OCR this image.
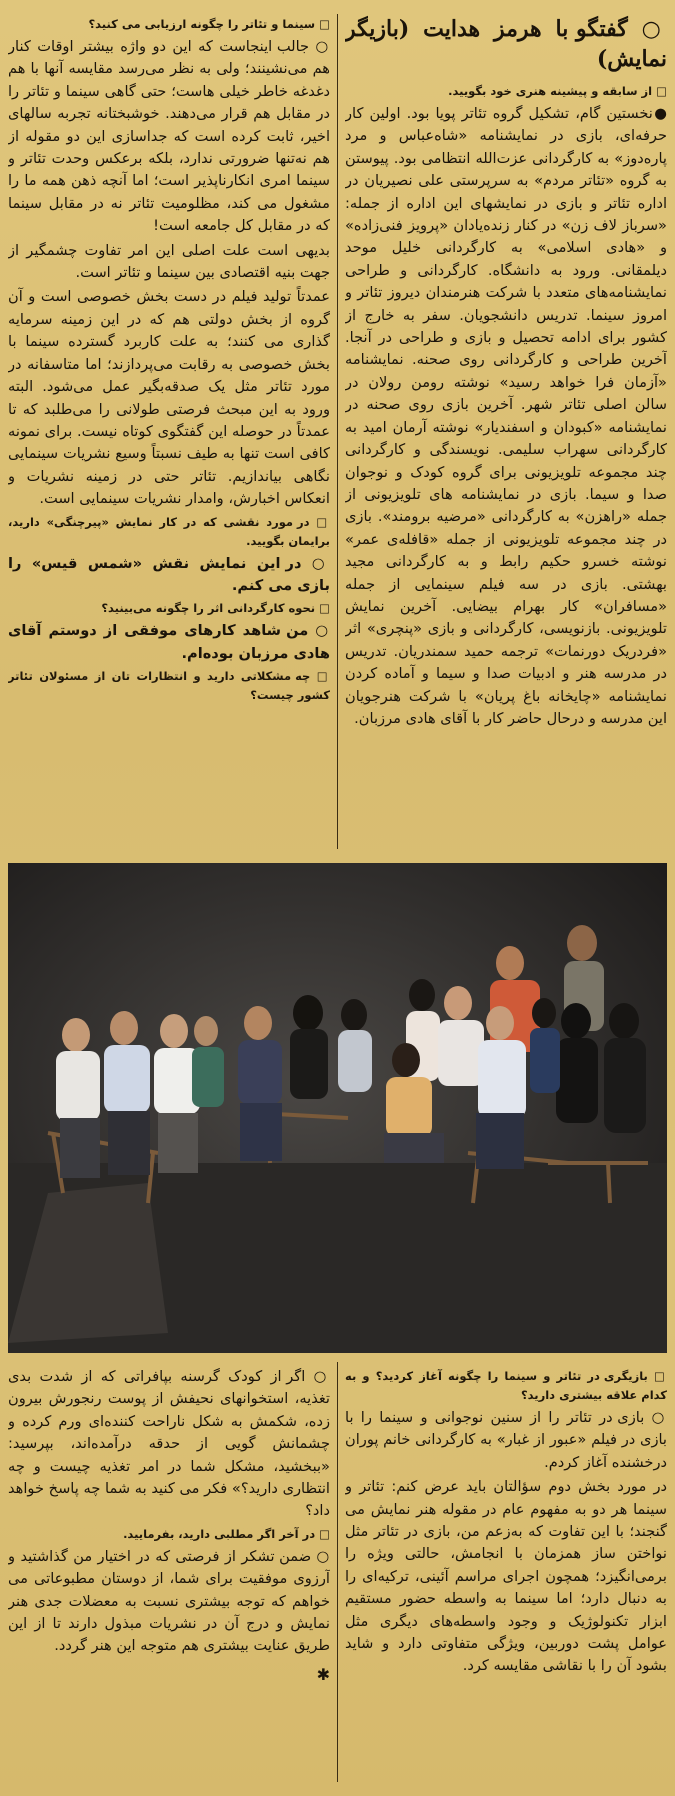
○ گفتگو با هرمز هدایت (بازیگر نمایش)
□ از سابقه و پیشینه هنری خود بگویید.

●نخستین گام، تشکیل گروه تئاتر پویا بود. اولین کار حرفه‌ای، بازی در نمایشنامه «شاه‌عباس و مرد پاره‌دوز» به کارگردانی عزت‌الله انتظامی بود. پیوستن به گروه «تئاتر مردم» به سرپرستی علی نصیریان در اداره تئاتر و بازی در نمایشهای این اداره از جمله: «سرباز لاف زن» در کنار زنده‌یادان «پرویز فنی‌زاده» و «هادی اسلامی» به کارگردانی خلیل موحد دیلمقانی. ورود به دانشگاه. کارگردانی و طراحی نمایشنامه‌های متعدد با شرکت هنرمندان دیروز تئاتر و امروز سینما. تدریس دانشجویان. سفر به خارج از کشور برای ادامه تحصیل و بازی و طراحی در آنجا. آخرین طراحی و کارگردانی روی صحنه. نمایشنامه «آزمان فرا خواهد رسید» نوشته رومن رولان در سالن اصلی تئاتر شهر. آخرین بازی روی صحنه در نمایشنامه «کبودان و اسفندیار» نوشته آرمان امید به کارگردانی سهراب سلیمی. نویسندگی و کارگردانی چند مجموعه تلویزیونی برای گروه کودک و نوجوان صدا و سیما. بازی در نمایشنامه های تلویزیونی از جمله «راهزن» به کارگردانی «مرضیه برومند». بازی در چند مجموعه تلویزیونی از جمله «قافله‌ی عمر» نوشته خسرو حکیم رابط و به کارگردانی مجید بهشتی. بازی در سه فیلم سینمایی از جمله «مسافران» کار بهرام بیضایی. آخرین نمایش تلویزیونی. بازنویسی، کارگردانی و بازی «پنچری» اثر «فردریک دورنمات» ترجمه حمید سمندریان. تدریس در مدرسه هنر و ادبیات صدا و سیما و آماده کردن نمایشنامه «چایخانه باغ پریان» با شرکت هنرجویان این مدرسه و درحال حاضر کار با آقای هادی مرزبان.

□ سینما و تئاتر را چگونه ارزیابی می کنید؟

○ جالب اینجاست که این دو واژه بیشتر اوقات کنار هم می‌نشینند؛ ولی به نظر می‌رسد مقایسه آنها با هم دغدغه خاطر خیلی هاست؛ حتی گاهی سینما و تئاتر را در مقابل هم قرار می‌دهند. خوشبختانه تجربه سالهای اخیر، ثابت کرده است که جداسازی این دو مقوله از هم نه‌تنها ضرورتی ندارد، بلکه برعکس وحدت تئاتر و سینما امری انکارناپذیر است؛ اما آنچه ذهن همه ما را مشغول می کند، مظلومیت تئاتر نه در مقابل سینما که در مقابل کل جامعه است!

بدیهی است علت اصلی این امر تفاوت چشمگیر از جهت بنیه اقتصادی بین سینما و تئاتر است.

عمدتاً تولید فیلم در دست بخش خصوصی است و آن گروه از بخش دولتی هم که در این زمینه سرمایه گذاری می کنند؛ به علت کاربرد گسترده سینما با بخش خصوصی به رقابت می‌پردازند؛ اما متاسفانه در مورد تئاتر مثل یک صدقه‌بگیر عمل می‌شود. البته ورود به این مبحث فرصتی طولانی را می‌طلبد که تا عمدتاً در حوصله این گفتگوی کوتاه نیست. برای نمونه کافی است تنها به طیف نسبتاً وسیع نشریات سینمایی نگاهی بیاندازیم. تئاتر حتی در زمینه نشریات و انعکاس اخبارش، وامدار نشریات سینمایی است.

□ در مورد نقشی که در کار نمایش «پیرچنگی» دارید، برایمان بگویید.

○ در این نمایش نقش «شمس قیس» را بازی می کنم.

□ نحوه کارگردانی اثر را چگونه می‌بینید؟

○ من شاهد کارهای موفقی از دوستم آقای هادی مرزبان بوده‌ام.

□ چه مشکلاتی دارید و انتظارات تان از مسئولان تئاتر کشور چیست؟
□ بازیگری در تئاتر و سینما را چگونه آغاز کردید؟ و به کدام علاقه بیشتری دارید؟

○ بازی در تئاتر را از سنین نوجوانی و سینما را با بازی در فیلم «عبور از غبار» به کارگردانی خانم پوران درخشنده آغاز کردم.

در مورد بخش دوم سؤالتان باید عرض کنم: تئاتر و سینما هر دو به مفهوم عام در مقوله هنر نمایش می گنجند؛ با این تفاوت که به‌زعم من، بازی در تئاتر مثل نواختن ساز همزمان با انجامش، حالتی ویژه را برمی‌انگیزد؛ همچون اجرای مراسم آئینی، ترکیه‌ای را به دنبال دارد؛ اما سینما به واسطه حضور مستقیم ابزار تکنولوژیک و وجود واسطه‌های دیگری مثل عوامل پشت دوربین، ویژگی متفاوتی دارد و شاید بشود آن را با نقاشی مقایسه کرد.

○ اگر از کودک گرسنه بپافراتی که از شدت بدی تغذیه، استخوانهای نحیفش از پوست رنجورش بیرون زده، شکمش به شکل ناراحت کننده‌ای ورم کرده و چشمانش گویی از حدقه درآمده‌اند، بپرسید: «ببخشید، مشکل شما در امر تغذیه چیست و چه انتظاری دارید؟» فکر می کنید به شما چه پاسخ خواهد داد؟

□ در آخر اگر مطلبی دارید، بفرمایید.

○ ضمن تشکر از فرصتی که در اختیار من گذاشتید و آرزوی موفقیت برای شما، از دوستان مطبوعاتی می خواهم که توجه بیشتری نسبت به معضلات جدی هنر نمایش و درج آن در نشریات مبذول دارند تا از این طریق عنایت بیشتری هم متوجه این هنر گردد.

✱
